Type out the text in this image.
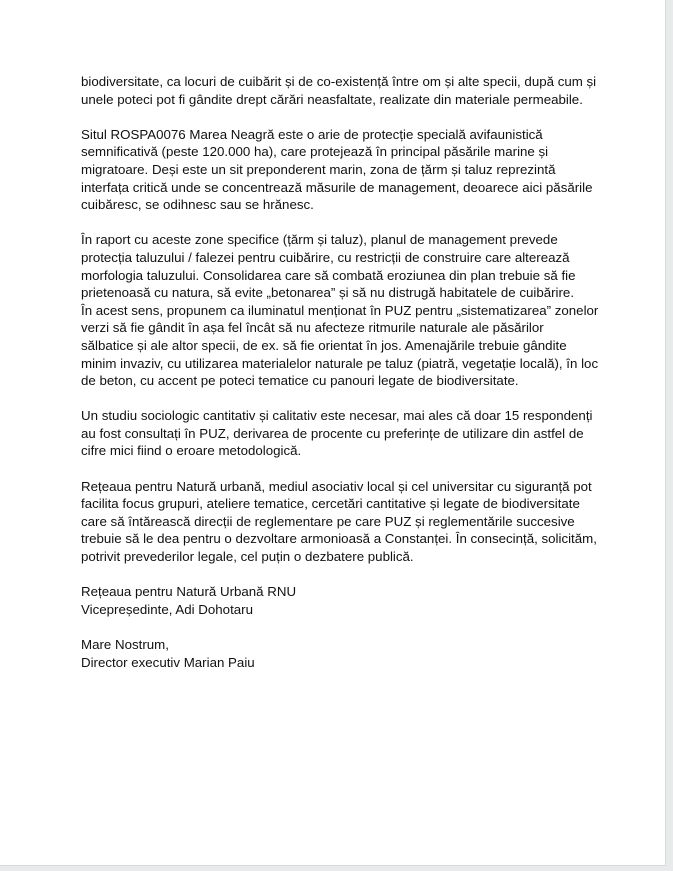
biodiversitate, ca locuri de cuibărit și de co-existență între om și alte specii, după cum și
unele poteci pot fi gândite drept cărări neasfaltate, realizate din materiale permeabile.
Situl ROSPA0076 Marea Neagră este o arie de protecție specială avifaunistică
semnificativă (peste 120.000 ha), care protejează în principal păsările marine și
migratoare. Deși este un sit preponderent marin, zona de țărm și taluz reprezintă
interfața critică unde se concentrează măsurile de management, deoarece aici păsările
cuibăresc, se odihnesc sau se hrănesc.
În raport cu aceste zone specifice (țărm și taluz), planul de management prevede
protecția taluzului / falezei pentru cuibărire, cu restricții de construire care alterează
morfologia taluzului. Consolidarea care să combată eroziunea din plan trebuie să fie
prietenoasă cu natura, să evite „betonarea” și să nu distrugă habitatele de cuibărire.
În acest sens, propunem ca iluminatul menționat în PUZ pentru „sistematizarea” zonelor
verzi să fie gândit în așa fel încât să nu afecteze ritmurile naturale ale păsărilor
sălbatice și ale altor specii, de ex. să fie orientat în jos. Amenajările trebuie gândite
minim invaziv, cu utilizarea materialelor naturale pe taluz (piatră, vegetație locală), în loc
de beton, cu accent pe poteci tematice cu panouri legate de biodiversitate.
Un studiu sociologic cantitativ și calitativ este necesar, mai ales că doar 15 respondenți
au fost consultați în PUZ, derivarea de procente cu preferințe de utilizare din astfel de
cifre mici fiind o eroare metodologică.
Rețeaua pentru Natură urbană, mediul asociativ local și cel universitar cu siguranță pot
facilita focus grupuri, ateliere tematice, cercetări cantitative și legate de biodiversitate
care să întărească direcții de reglementare pe care PUZ și reglementările succesive
trebuie să le dea pentru o dezvoltare armonioasă a Constanței. În consecință, solicităm,
potrivit prevederilor legale, cel puțin o dezbatere publică.
Rețeaua pentru Natură Urbană RNU
Vicepreședinte, Adi Dohotaru
Mare Nostrum,
Director executiv Marian Paiu
